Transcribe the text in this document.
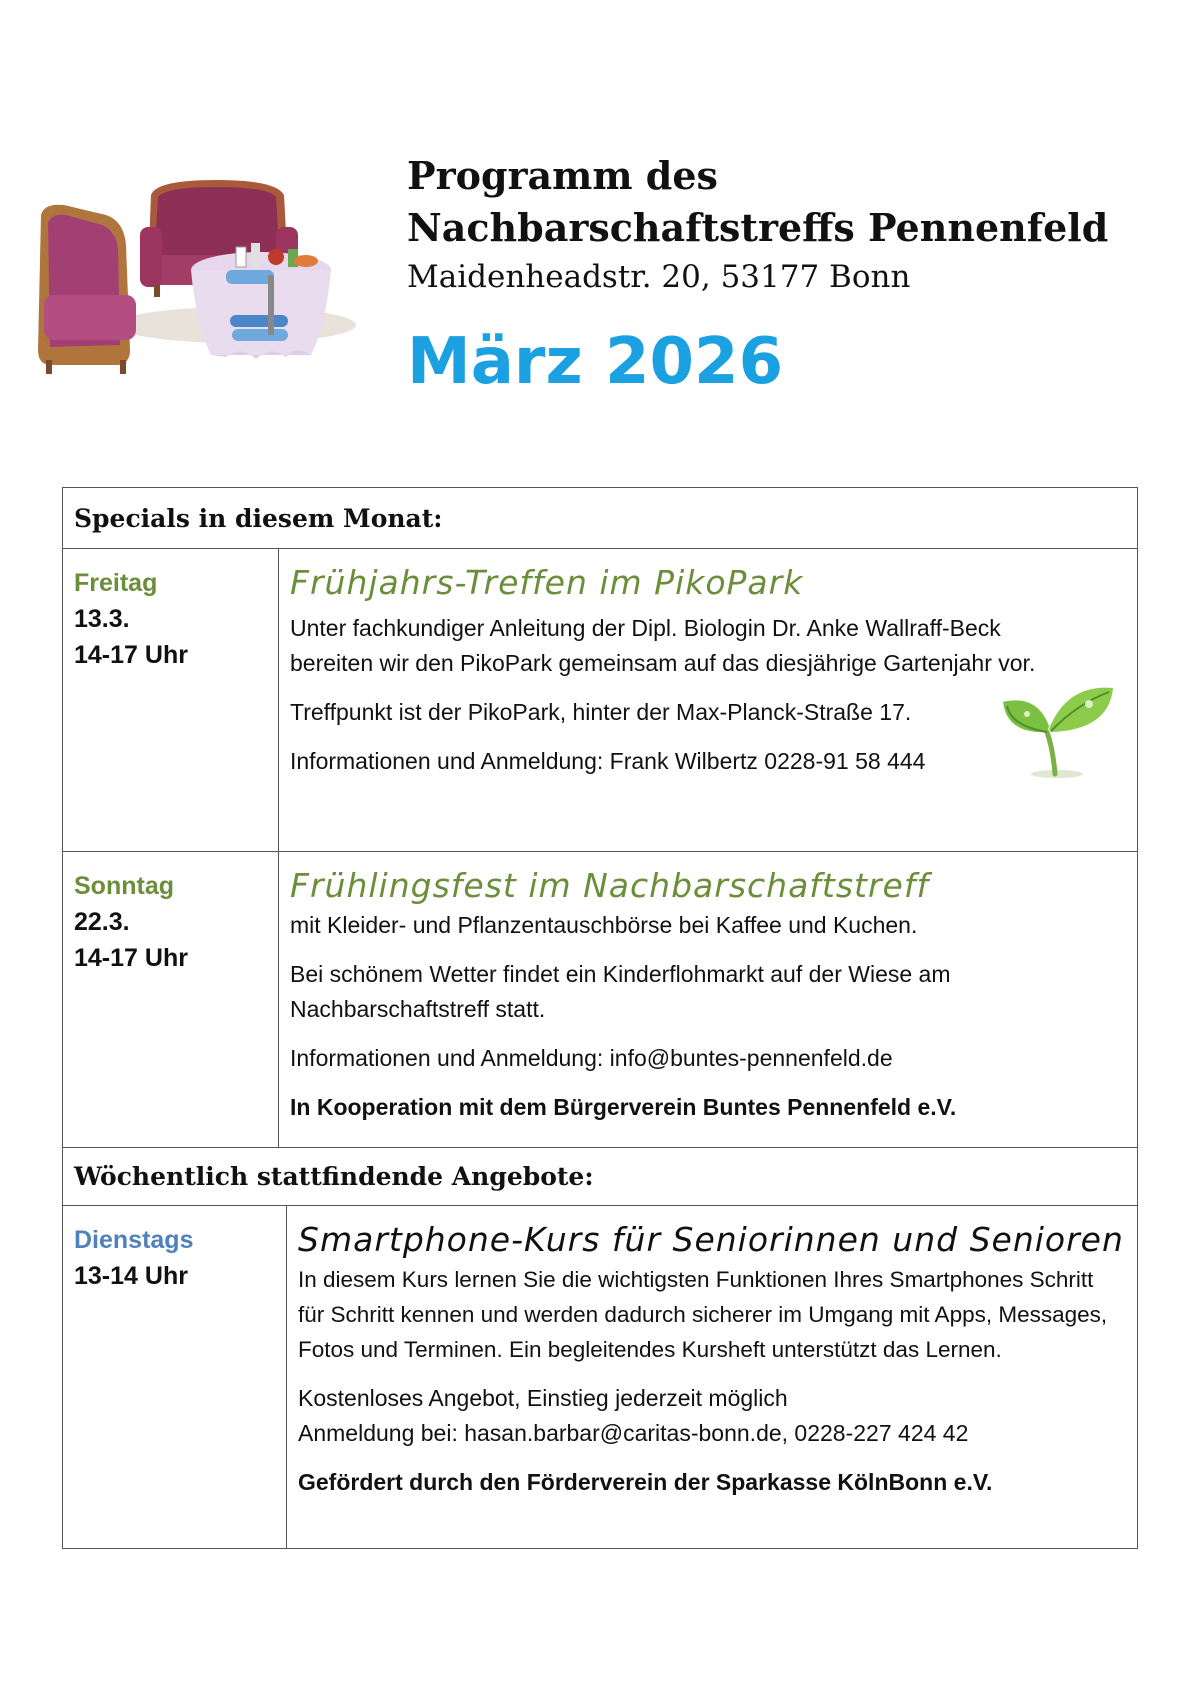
Programm des

Nachbarschaftstreffs Pennenfeld

Maidenheadstr. 20, 53177 Bonn
März 2026
Specials in diesem Monat:
Freitag
13.3.
14-17 Uhr

Frühjahrs-Treffen im PikoPark

Unter fachkundiger Anleitung der Dipl. Biologin Dr. Anke Wallraff-Beck bereiten wir den PikoPark gemeinsam auf das diesjährige Gartenjahr vor.

Treffpunkt ist der PikoPark, hinter der Max-Planck-Straße 17.

Informationen und Anmeldung: Frank Wilbertz 0228-91 58 444

Sonntag
22.3.
14-17 Uhr

Frühlingsfest im Nachbarschaftstreff

mit Kleider- und Pflanzentauschbörse bei Kaffee und Kuchen.

Bei schönem Wetter findet ein Kinderflohmarkt auf der Wiese am Nachbarschaftstreff statt.

Informationen und Anmeldung: info@buntes-pennenfeld.de

In Kooperation mit dem Bürgerverein Buntes Pennenfeld e.V.

Wöchentlich stattfindende Angebote:
Dienstags
13-14 Uhr

Smartphone-Kurs für Seniorinnen und Senioren

In diesem Kurs lernen Sie die wichtigsten Funktionen Ihres Smartphones Schritt für Schritt kennen und werden dadurch sicherer im Umgang mit Apps, Messages, Fotos und Terminen. Ein begleitendes Kursheft unterstützt das Lernen.

Kostenloses Angebot, Einstieg jederzeit möglich

Anmeldung bei: hasan.barbar@caritas-bonn.de, 0228-227 424 42

Gefördert durch den Förderverein der Sparkasse KölnBonn e.V.
